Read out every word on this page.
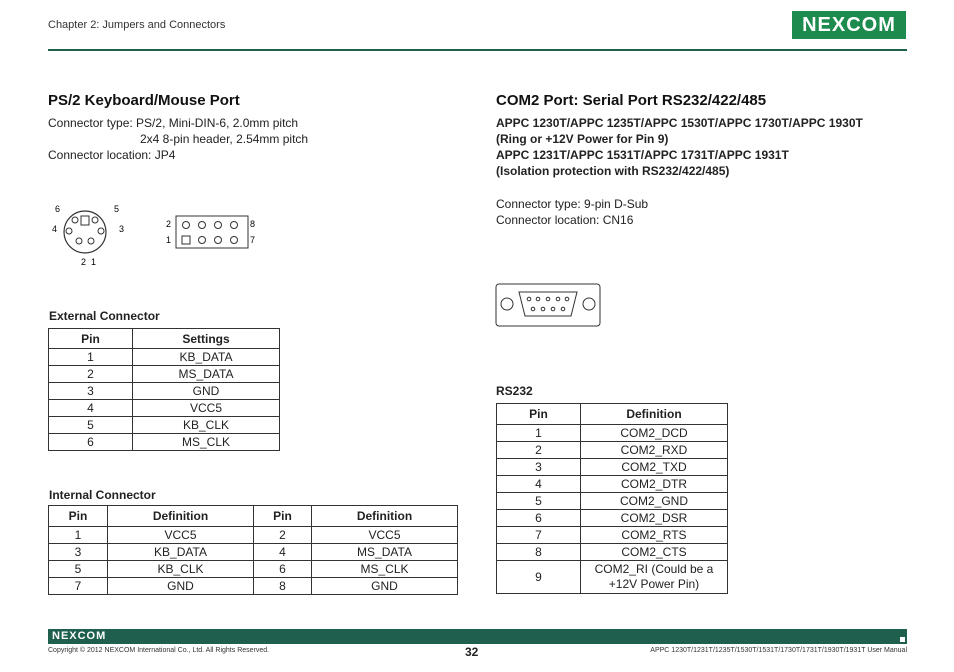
Chapter 2: Jumpers and Connectors	NEXCOM
PS/2 Keyboard/Mouse Port
Connector type: PS/2, Mini-DIN-6, 2.0mm pitch
2x4 8-pin header, 2.54mm pitch
Connector location: JP4
6	5
4	3
2 1
2	8
1	7
External Connector
Pin	Settings
1	KB_DATA
2	MS_DATA
3	GND
4	VCC5
5	KB_CLK
6	MS_CLK
Internal Connector
Pin	Definition	Pin	Definition
1	VCC5	2	VCC5
3	KB_DATA	4	MS_DATA
5	KB_CLK	6	MS_CLK
7	GND	8	GND
COM2 Port: Serial Port RS232/422/485
APPC 1230T/APPC 1235T/APPC 1530T/APPC 1730T/APPC 1930T
(Ring or +12V Power for Pin 9)
APPC 1231T/APPC 1531T/APPC 1731T/APPC 1931T
(Isolation protection with RS232/422/485)
Connector type: 9-pin D-Sub
Connector location: CN16
RS232
Pin	Definition
1	COM2_DCD
2	COM2_RXD
3	COM2_TXD
4	COM2_DTR
5	COM2_GND
6	COM2_DSR
7	COM2_RTS
8	COM2_CTS
9	COM2_RI (Could be a
+12V Power Pin)
NEXCOM
Copyright © 2012 NEXCOM International Co., Ltd. All Rights Reserved.	32	APPC 1230T/1231T/1235T/1530T/1531T/1730T/1731T/1930T/1931T User Manual
